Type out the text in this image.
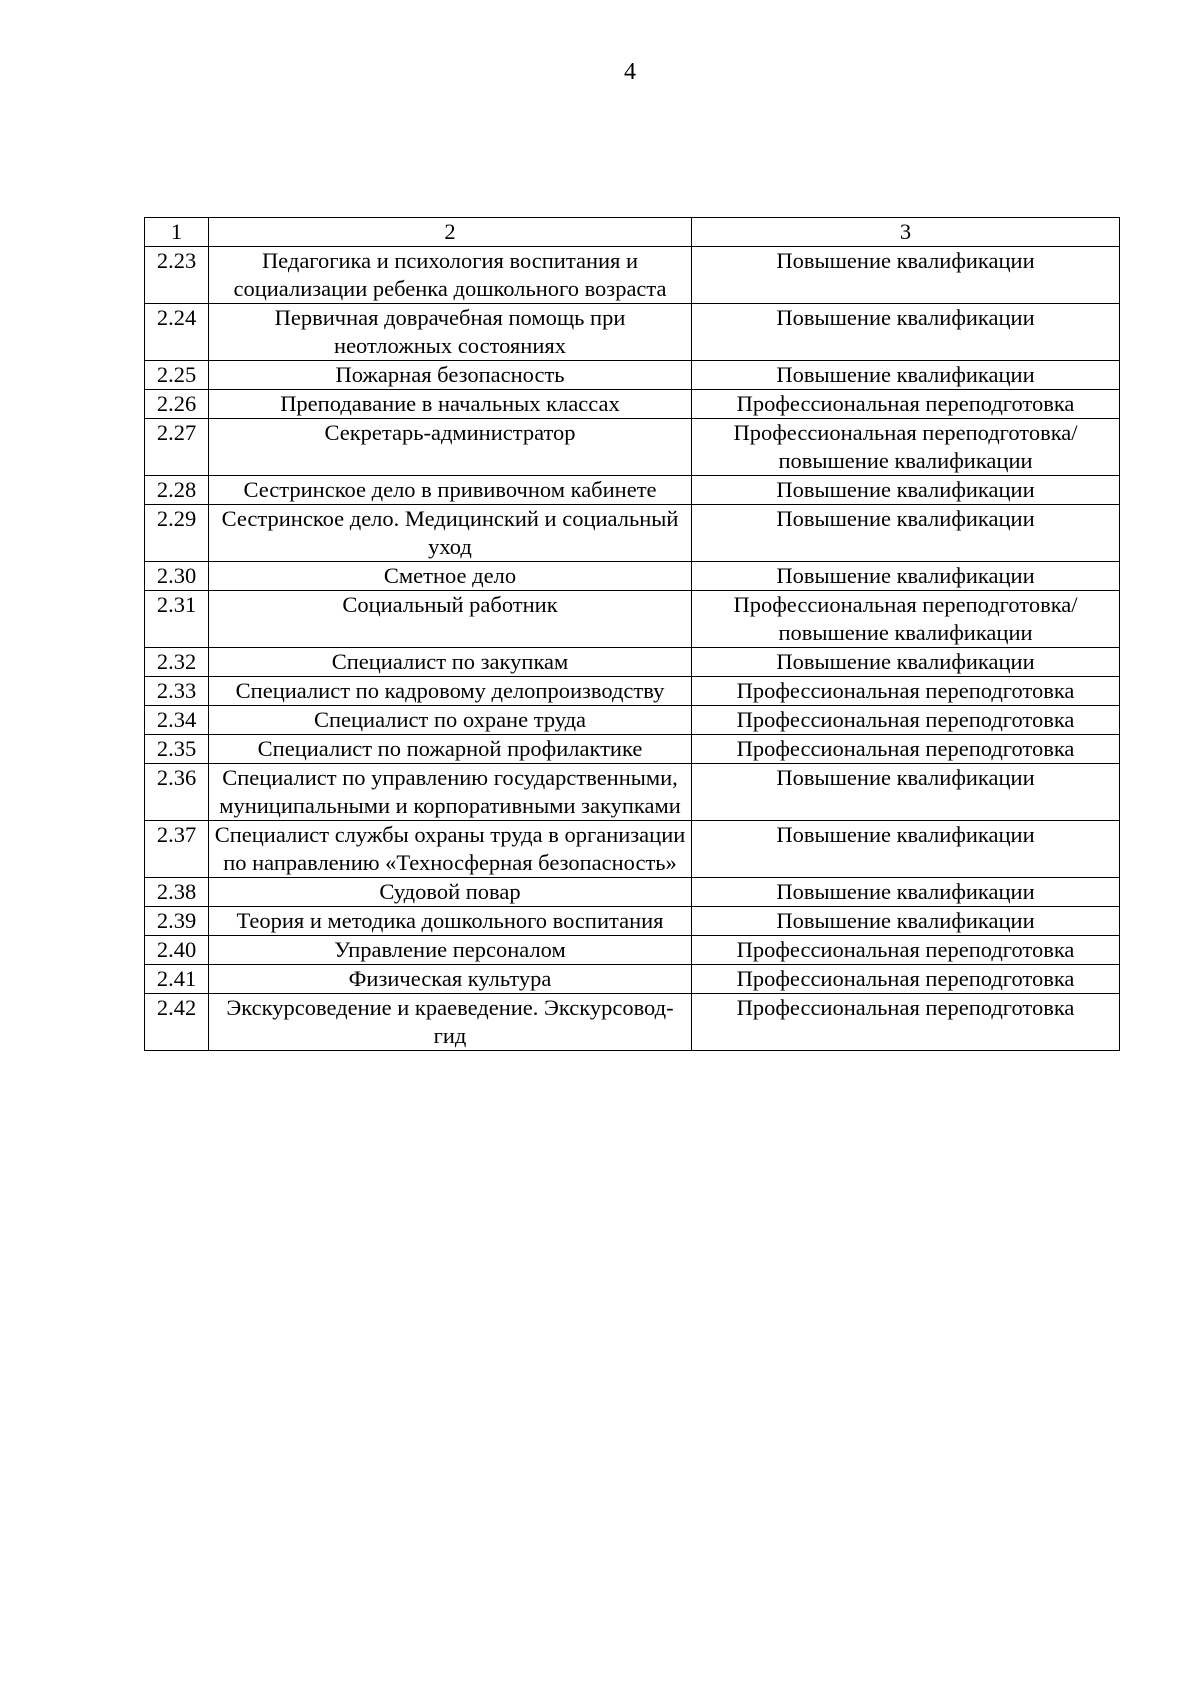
4
1	2	3
2.23	Педагогика и психология воспитания и социализации ребенка дошкольного возраста	Повышение квалификации
2.24	Первичная доврачебная помощь при неотложных состояниях	Повышение квалификации
2.25	Пожарная безопасность	Повышение квалификации
2.26	Преподавание в начальных классах	Профессиональная переподготовка
2.27	Секретарь-администратор	Профессиональная переподготовка/повышение квалификации
2.28	Сестринское дело в прививочном кабинете	Повышение квалификации
2.29	Сестринское дело. Медицинский и социальный уход	Повышение квалификации
2.30	Сметное дело	Повышение квалификации
2.31	Социальный работник	Профессиональная переподготовка/повышение квалификации
2.32	Специалист по закупкам	Повышение квалификации
2.33	Специалист по кадровому делопроизводству	Профессиональная переподготовка
2.34	Специалист по охране труда	Профессиональная переподготовка
2.35	Специалист по пожарной профилактике	Профессиональная переподготовка
2.36	Специалист по управлению государственными, муниципальными и корпоративными закупками	Повышение квалификации
2.37	Специалист службы охраны труда в организации по направлению «Техносферная безопасность»	Повышение квалификации
2.38	Судовой повар	Повышение квалификации
2.39	Теория и методика дошкольного воспитания	Повышение квалификации
2.40	Управление персоналом	Профессиональная переподготовка
2.41	Физическая культура	Профессиональная переподготовка
2.42	Экскурсоведение и краеведение. Экскурсовод-гид	Профессиональная переподготовка
